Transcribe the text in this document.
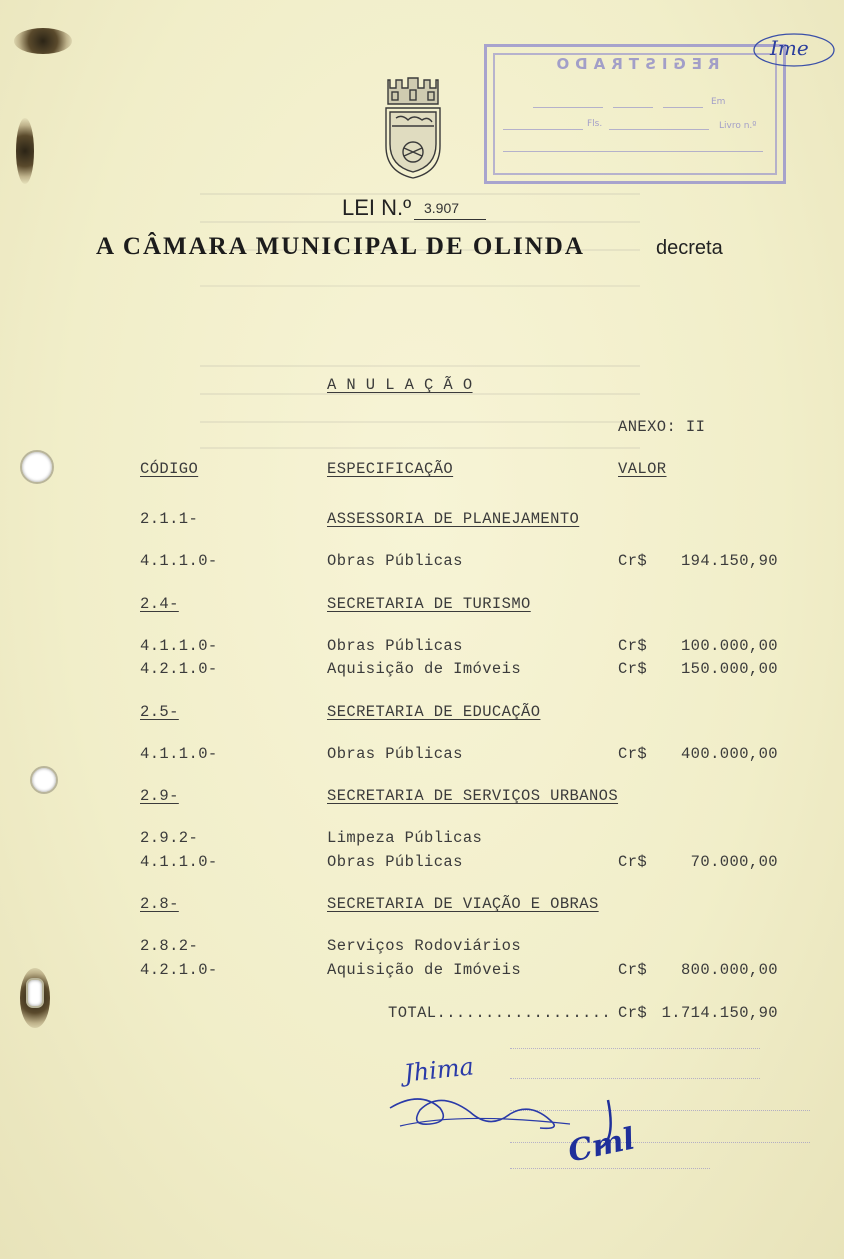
REGISTRADO
Em
Fls.	Livro n.º
Ime
LEI N.º 3.907
A CÂMARA MUNICIPAL DE OLINDA	decreta
A N U L A Ç Ã O
ANEXO: II
CÓDIGO	ESPECIFICAÇÃO	VALOR
2.1.1-	ASSESSORIA DE PLANEJAMENTO
4.1.1.0-	Obras Públicas	Cr$ 194.150,90
2.4-	SECRETARIA DE TURISMO
4.1.1.0-	Obras Públicas	Cr$ 100.000,00
4.2.1.0-	Aquisição de Imóveis	Cr$ 150.000,00
2.5-	SECRETARIA DE EDUCAÇÃO
4.1.1.0-	Obras Públicas	Cr$ 400.000,00
2.9-	SECRETARIA DE SERVIÇOS URBANOS
2.9.2-	Limpeza Públicas
4.1.1.0-	Obras Públicas	Cr$	70.000,00
2.8-	SECRETARIA DE VIAÇÃO E OBRAS
2.8.2-	Serviços Rodoviários
4.2.1.0-	Aquisição de Imóveis	Cr$ 800.000,00
TOTAL.................. Cr$ 1.714.150,90
Jhima
Cml
